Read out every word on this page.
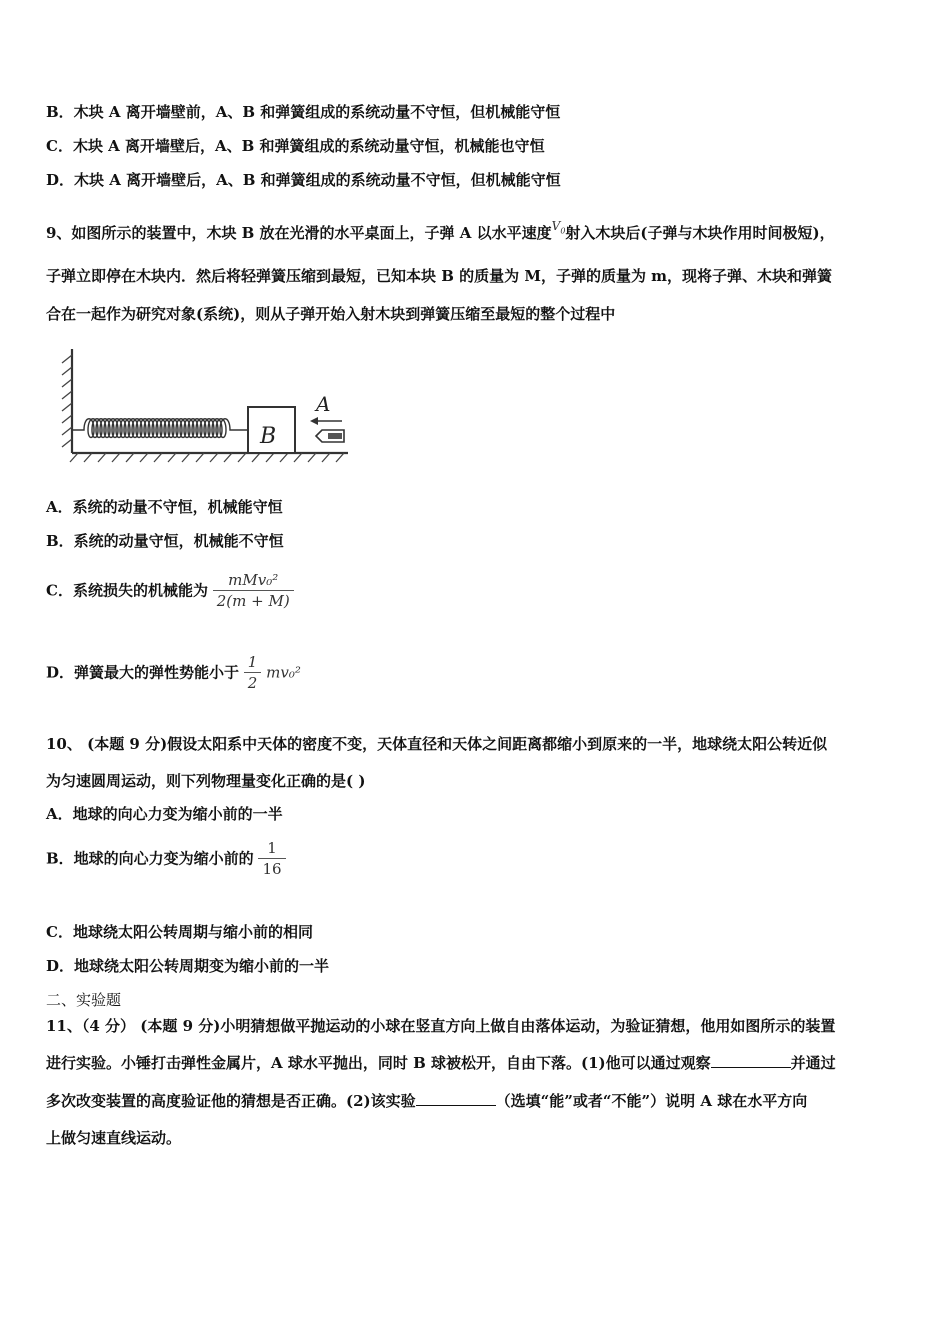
B．木块 A 离开墙壁前，A、B 和弹簧组成的系统动量不守恒，但机械能守恒
C．木块 A 离开墙壁后，A、B 和弹簧组成的系统动量守恒，机械能也守恒
D．木块 A 离开墙壁后，A、B 和弹簧组成的系统动量不守恒，但机械能守恒
9、如图所示的装置中，木块 B 放在光滑的水平桌面上，子弹 A 以水平速度$^{V_0}$射入木块后(子弹与木块作用时间极短)，
子弹立即停在木块内．然后将轻弹簧压缩到最短，已知本块 B 的质量为 M，子弹的质量为 m，现将子弹、木块和弹簧
合在一起作为研究对象(系统)，则从子弹开始入射木块到弹簧压缩至最短的整个过程中
B
A
A．系统的动量不守恒，机械能守恒
B．系统的动量守恒，机械能不守恒
C．系统损失的机械能为 $\frac{\text{mMv₀²}}{2(m + M)}$
D．弹簧最大的弹性势能小于 $\frac{1}{2} mv_0^2$
10、 (本题 9 分)假设太阳系中天体的密度不变，天体直径和天体之间距离都缩小到原来的一半，地球绕太阳公转近似
为匀速圆周运动，则下列物理量变化正确的是( )
A．地球的向心力变为缩小前的一半
B．地球的向心力变为缩小前的 $\frac{1}{16}$
C．地球绕太阳公转周期与缩小前的相同
D．地球绕太阳公转周期变为缩小前的一半
二、实验题
11、（4 分） (本题 9 分)小明猜想做平抛运动的小球在竖直方向上做自由落体运动，为验证猜想，他用如图所示的装置
进行实验。小锤打击弹性金属片，A 球水平抛出，同时 B 球被松开，自由下落。(1)他可以通过观察	并通过
多次改变装置的高度验证他的猜想是否正确。(2)该实验	（选填“能”或者“不能”）说明 A 球在水平方向
上做匀速直线运动。
